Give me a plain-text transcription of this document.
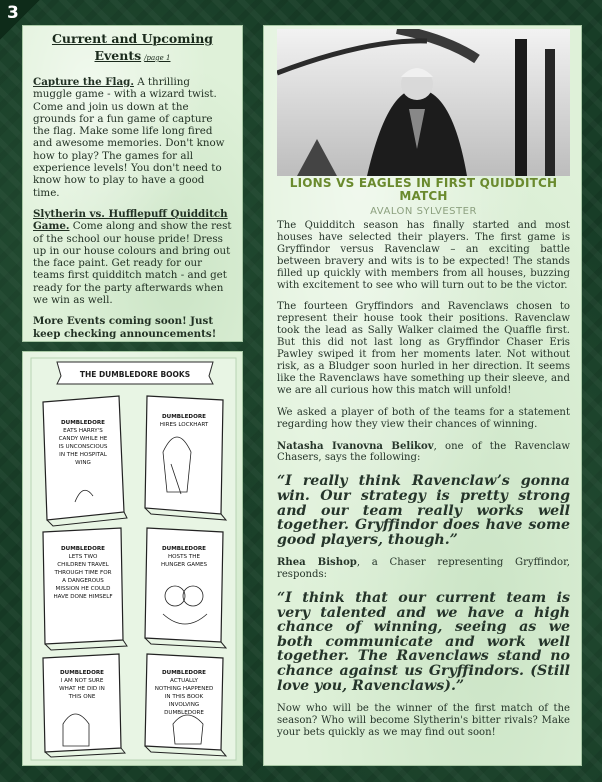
3
Current and Upcoming
Events /page 1

Capture the Flag. A thrilling muggle game - with a wizard twist. Come and join us down at the grounds for a fun game of capture the flag. Make some life long fired and awesome memories. Don't know how to play? The games for all experience levels! You don't need to know how to play to have a good time.

Slytherin vs. Hufflepuff Quidditch Game. Come along and show the rest of the school our house pride! Dress up in our house colours and bring out the face paint. Get ready for our teams first quidditch match - and get ready for the party afterwards when we win as well.

More Events coming soon! Just keep checking announcements!

THE DUMBLEDORE BOOKS
DUMBLEDORE EATS HARRY'S CANDY WHILE HE IS UNCONSCIOUS IN THE HOSPITAL WING
DUMBLEDORE HIRES LOCKHART
DUMBLEDORE LETS TWO CHILDREN TRAVEL THROUGH TIME FOR A DANGEROUS MISSION HE COULD HAVE DONE HIMSELF
DUMBLEDORE HOSTS THE HUNGER GAMES
DUMBLEDORE I AM NOT SURE WHAT HE DID IN THIS ONE
DUMBLEDORE ACTUALLY NOTHING HAPPENED IN THIS BOOK INVOLVING DUMBLEDORE
LIONS VS EAGLES IN FIRST QUIDDITCH
MATCH
AVALON SYLVESTER

The Quidditch season has finally started and most houses have selected their players. The first game is Gryffindor versus Ravenclaw – an exciting battle between bravery and wits is to be expected! The stands filled up quickly with members from all houses, buzzing with excitement to see who will turn out to be the victor.

The fourteen Gryffindors and Ravenclaws chosen to represent their house took their positions. Ravenclaw took the lead as Sally Walker claimed the Quaffle first. But this did not last long as Gryffindor Chaser Eris Pawley swiped it from her moments later. Not without risk, as a Bludger soon hurled in her direction. It seems like the Ravenclaws have something up their sleeve, and we are all curious how this match will unfold!

We asked a player of both of the teams for a statement regarding how they view their chances of winning.

Natasha Ivanovna Belikov, one of the Ravenclaw Chasers, says the following:

“I really think Ravenclaw’s gonna win. Our strategy is pretty strong and our team really works well together. Gryffindor does have some good players, though.”

Rhea Bishop, a Chaser representing Gryffindor, responds:

“I think that our current team is very talented and we have a high chance of winning, seeing as we both communicate and work well together. The Ravenclaws stand no chance against us Gryffindors. (Still love you, Ravenclaws).”

Now who will be the winner of the first match of the season? Who will become Slytherin's bitter rivals? Make your bets quickly as we may find out soon!
